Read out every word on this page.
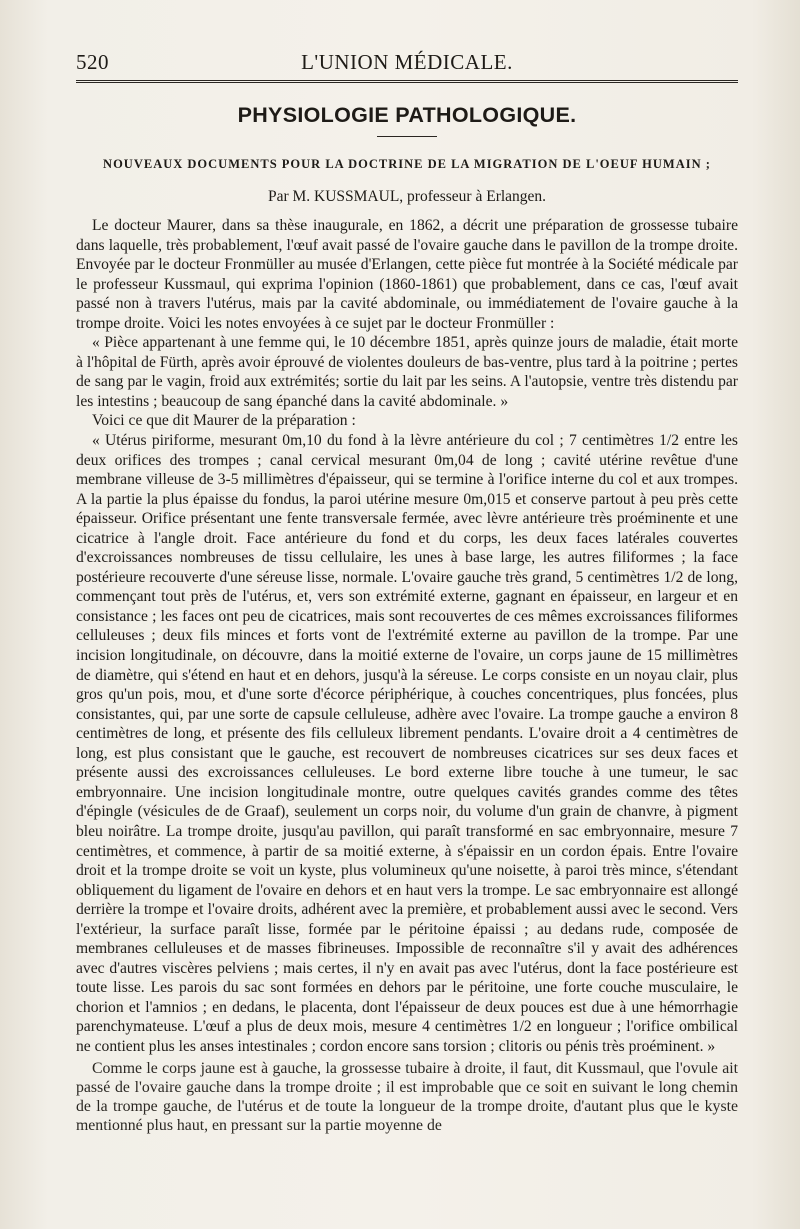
520	L'UNION MÉDICALE.
PHYSIOLOGIE PATHOLOGIQUE.
NOUVEAUX DOCUMENTS POUR LA DOCTRINE DE LA MIGRATION DE L'OEUF HUMAIN ;
Par M. KUSSMAUL, professeur à Erlangen.

Le docteur Maurer, dans sa thèse inaugurale, en 1862, a décrit une préparation de grossesse tubaire dans laquelle, très probablement, l'œuf avait passé de l'ovaire gauche dans le pavillon de la trompe droite. Envoyée par le docteur Fronmüller au musée d'Erlangen, cette pièce fut montrée à la Société médicale par le professeur Kussmaul, qui exprima l'opinion (1860-1861) que probablement, dans ce cas, l'œuf avait passé non à travers l'utérus, mais par la cavité abdominale, ou immédiatement de l'ovaire gauche à la trompe droite. Voici les notes envoyées à ce sujet par le docteur Fronmüller :

« Pièce appartenant à une femme qui, le 10 décembre 1851, après quinze jours de maladie, était morte à l'hôpital de Fürth, après avoir éprouvé de violentes douleurs de bas-ventre, plus tard à la poitrine ; pertes de sang par le vagin, froid aux extrémités; sortie du lait par les seins. A l'autopsie, ventre très distendu par les intestins ; beaucoup de sang épanché dans la cavité abdominale. »

Voici ce que dit Maurer de la préparation :

« Utérus piriforme, mesurant 0m,10 du fond à la lèvre antérieure du col ; 7 centimètres 1/2 entre les deux orifices des trompes ; canal cervical mesurant 0m,04 de long ; cavité utérine revêtue d'une membrane villeuse de 3-5 millimètres d'épaisseur, qui se termine à l'orifice interne du col et aux trompes. A la partie la plus épaisse du fondus, la paroi utérine mesure 0m,015 et conserve partout à peu près cette épaisseur. Orifice présentant une fente transversale fermée, avec lèvre antérieure très proéminente et une cicatrice à l'angle droit. Face antérieure du fond et du corps, les deux faces latérales couvertes d'excroissances nombreuses de tissu cellulaire, les unes à base large, les autres filiformes ; la face postérieure recouverte d'une séreuse lisse, normale. L'ovaire gauche très grand, 5 centimètres 1/2 de long, commençant tout près de l'utérus, et, vers son extrémité externe, gagnant en épaisseur, en largeur et en consistance ; les faces ont peu de cicatrices, mais sont recouvertes de ces mêmes excroissances filiformes celluleuses ; deux fils minces et forts vont de l'extrémité externe au pavillon de la trompe. Par une incision longitudinale, on découvre, dans la moitié externe de l'ovaire, un corps jaune de 15 millimètres de diamètre, qui s'étend en haut et en dehors, jusqu'à la séreuse. Le corps consiste en un noyau clair, plus gros qu'un pois, mou, et d'une sorte d'écorce périphérique, à couches concentriques, plus foncées, plus consistantes, qui, par une sorte de capsule celluleuse, adhère avec l'ovaire. La trompe gauche a environ 8 centimètres de long, et présente des fils celluleux librement pendants. L'ovaire droit a 4 centimètres de long, est plus consistant que le gauche, est recouvert de nombreuses cicatrices sur ses deux faces et présente aussi des excroissances celluleuses. Le bord externe libre touche à une tumeur, le sac embryonnaire. Une incision longitudinale montre, outre quelques cavités grandes comme des têtes d'épingle (vésicules de de Graaf), seulement un corps noir, du volume d'un grain de chanvre, à pigment bleu noirâtre. La trompe droite, jusqu'au pavillon, qui paraît transformé en sac embryonnaire, mesure 7 centimètres, et commence, à partir de sa moitié externe, à s'épaissir en un cordon épais. Entre l'ovaire droit et la trompe droite se voit un kyste, plus volumineux qu'une noisette, à paroi très mince, s'étendant obliquement du ligament de l'ovaire en dehors et en haut vers la trompe. Le sac embryonnaire est allongé derrière la trompe et l'ovaire droits, adhérent avec la première, et probablement aussi avec le second. Vers l'extérieur, la surface paraît lisse, formée par le péritoine épaissi ; au dedans rude, composée de membranes celluleuses et de masses fibrineuses. Impossible de reconnaître s'il y avait des adhérences avec d'autres viscères pelviens ; mais certes, il n'y en avait pas avec l'utérus, dont la face postérieure est toute lisse. Les parois du sac sont formées en dehors par le péritoine, une forte couche musculaire, le chorion et l'amnios ; en dedans, le placenta, dont l'épaisseur de deux pouces est due à une hémorrhagie parenchymateuse. L'œuf a plus de deux mois, mesure 4 centimètres 1/2 en longueur ; l'orifice ombilical ne contient plus les anses intestinales ; cordon encore sans torsion ; clitoris ou pénis très proéminent. »

Comme le corps jaune est à gauche, la grossesse tubaire à droite, il faut, dit Kussmaul, que l'ovule ait passé de l'ovaire gauche dans la trompe droite ; il est improbable que ce soit en suivant le long chemin de la trompe gauche, de l'utérus et de toute la longueur de la trompe droite, d'autant plus que le kyste mentionné plus haut, en pressant sur la partie moyenne de
